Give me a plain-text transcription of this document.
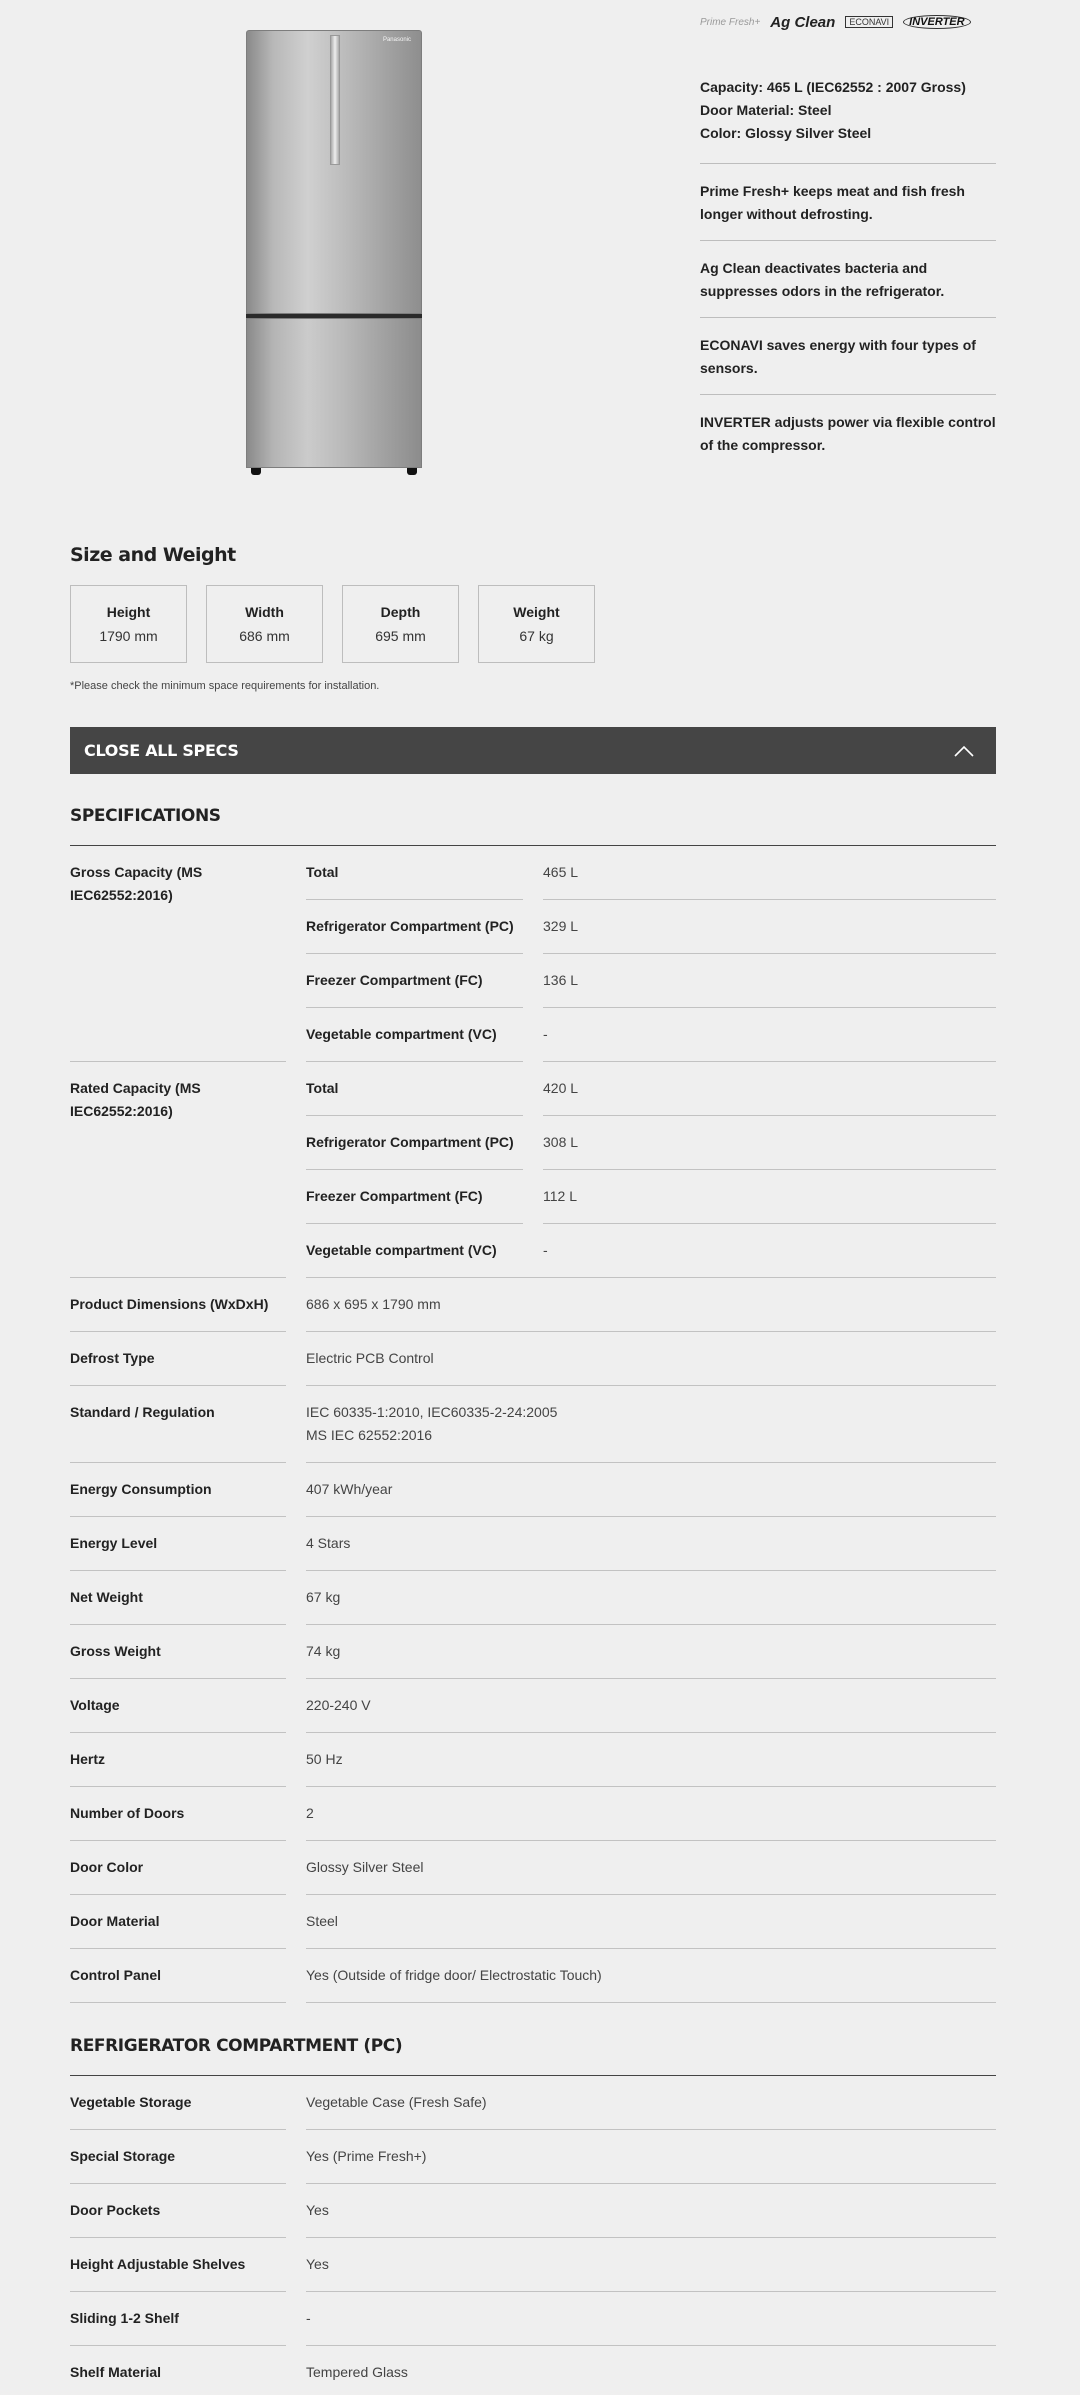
Panasonic
Prime Fresh+ Ag Clean	ECONAVI	INVERTER
Capacity: 465 L (IEC62552 : 2007 Gross)
Door Material: Steel
Color: Glossy Silver Steel
Prime Fresh+ keeps meat and fish fresh longer without defrosting.
Ag Clean deactivates bacteria and suppresses odors in the refrigerator.
ECONAVI saves energy with four types of sensors.
INVERTER adjusts power via flexible control of the compressor.
Size and Weight
Height
1790 mm
Width
686 mm
Depth
695 mm
Weight
67 kg
*Please check the minimum space requirements for installation.
CLOSE ALL SPECS
SPECIFICATIONS
Gross Capacity (MS IEC62552:2016)
Total	465 L
Refrigerator Compartment (PC) 329 L
Freezer Compartment (FC)	136 L
Vegetable compartment (VC)	-
Rated Capacity (MS IEC62552:2016)
Total	420 L
Refrigerator Compartment (PC) 308 L
Freezer Compartment (FC)	112 L
Vegetable compartment (VC)	-
Product Dimensions (WxDxH)	686 x 695 x 1790 mm
Defrost Type	Electric PCB Control
Standard / Regulation	IEC 60335-1:2010, IEC60335-2-24:2005
MS IEC 62552:2016
Energy Consumption	407 kWh/year
Energy Level	4 Stars
Net Weight	67 kg
Gross Weight	74 kg
Voltage	220-240 V
Hertz	50 Hz
Number of Doors	2
Door Color	Glossy Silver Steel
Door Material	Steel
Control Panel	Yes (Outside of fridge door/ Electrostatic Touch)
REFRIGERATOR COMPARTMENT (PC)
Vegetable Storage	Vegetable Case (Fresh Safe)
Special Storage	Yes (Prime Fresh+)
Door Pockets	Yes
Height Adjustable Shelves	Yes
Sliding 1-2 Shelf	-
Shelf Material	Tempered Glass
